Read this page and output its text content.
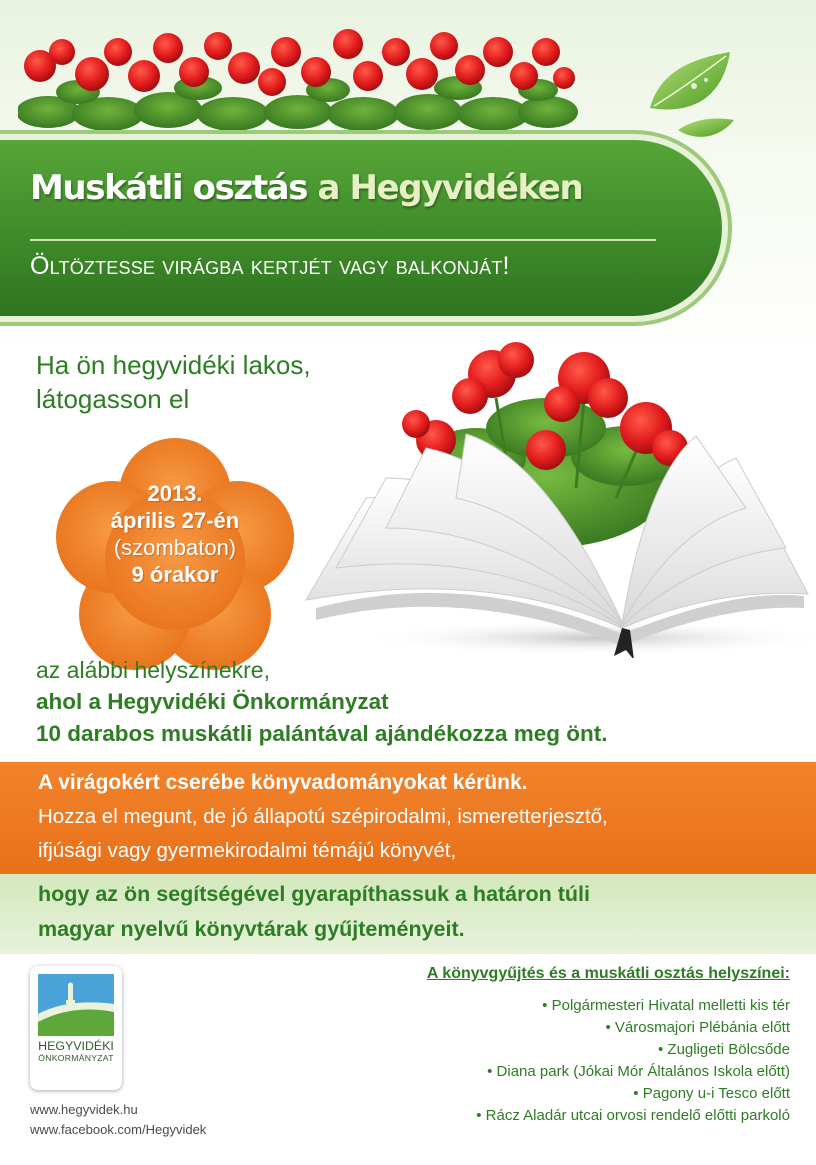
Muskátli osztás a Hegyvidéken
Öltöztesse virágba kertjét vagy balkonját!
Ha ön hegyvidéki lakos,
látogasson el
2013.
április 27-én
(szombaton)
9 órakor
az alábbi helyszínekre,
ahol a Hegyvidéki Önkormányzat
10 darabos muskátli palántával ajándékozza meg önt.
A virágokért cserébe könyvadományokat kérünk.
Hozza el megunt, de jó állapotú szépirodalmi, ismeretterjesztő,
ifjúsági vagy gyermekirodalmi témájú könyvét,
hogy az ön segítségével gyarapíthassuk a határon túli
magyar nyelvű könyvtárak gyűjteményeit.
HEGYVIDÉKI
ÖNKORMÁNYZAT
www.hegyvidek.hu
www.facebook.com/Hegyvidek
A könyvgyűjtés és a muskátli osztás helyszínei:
• Polgármesteri Hivatal melletti kis tér
• Városmajori Plébánia előtt
• Zugligeti Bölcsőde
• Diana park (Jókai Mór Általános Iskola előtt)
• Pagony u-i Tesco előtt
• Rácz Aladár utcai orvosi rendelő előtti parkoló
